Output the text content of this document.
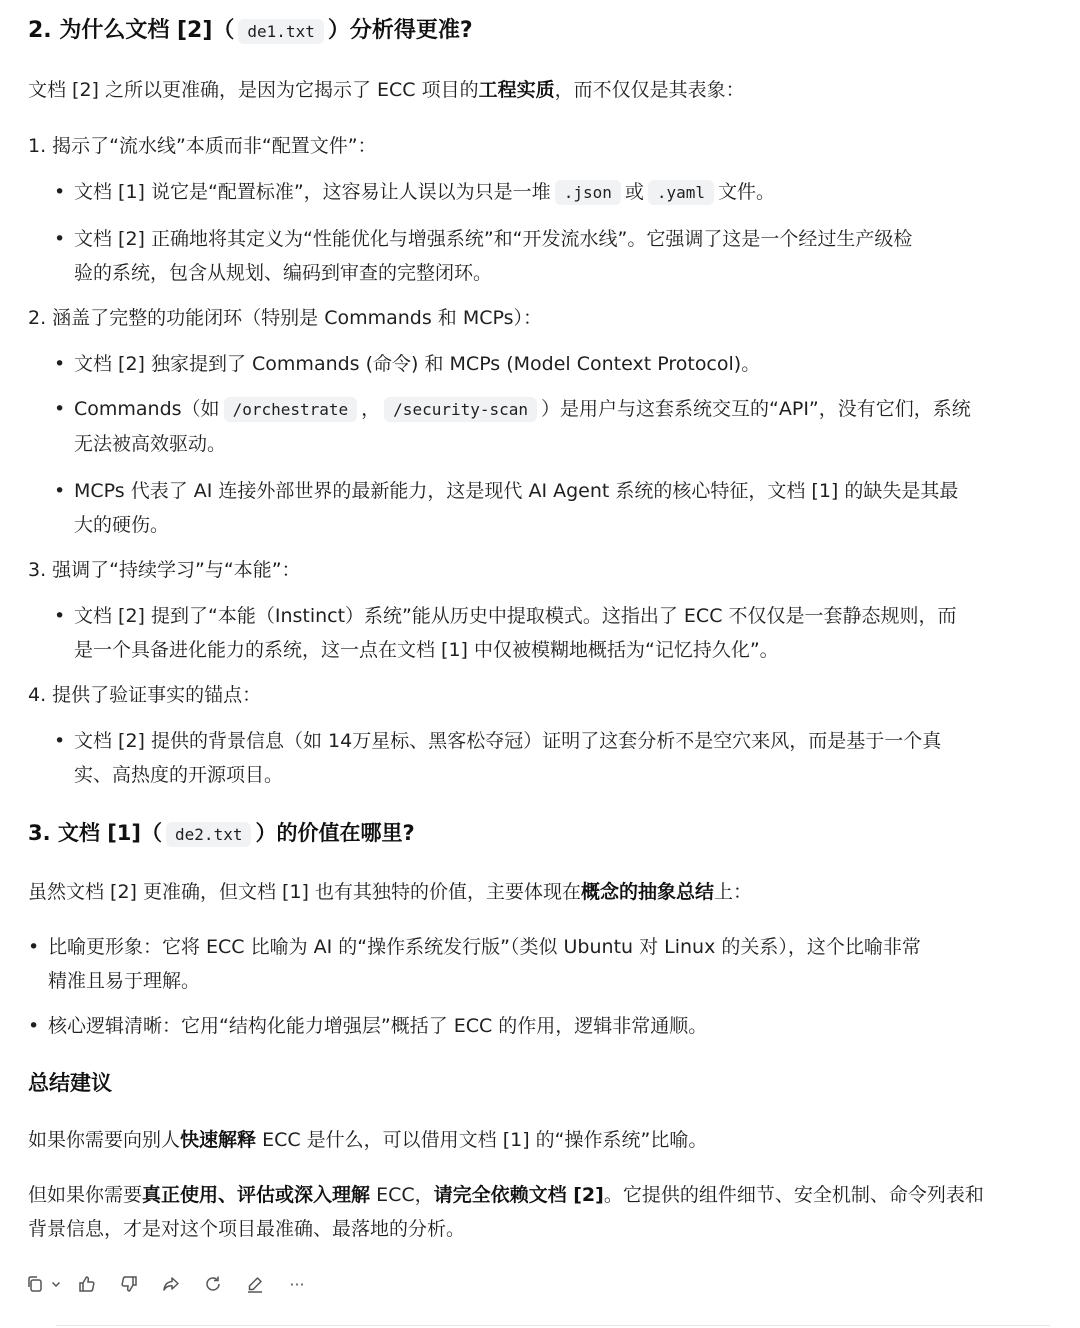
2. 为什么文档 [2]（ de1.txt ）分析得更准?
文档 [2] 之所以更准确，是因为它揭示了 ECC 项目的工程实质，而不仅仅是其表象：
1. 揭示了“流水线”本质而非“配置文件”：
• 文档 [1] 说它是“配置标准”，这容易让人误以为只是一堆 .json 或 .yaml 文件。
• 文档 [2] 正确地将其定义为“性能优化与增强系统”和“开发流水线”。它强调了这是一个经过生产级检
验的系统，包含从规划、编码到审查的完整闭环。
2. 涵盖了完整的功能闭环（特别是 Commands 和 MCPs）：
• 文档 [2] 独家提到了 Commands (命令) 和 MCPs (Model Context Protocol)。
• Commands（如 /orchestrate ， /security-scan ）是用户与这套系统交互的“API”，没有它们，系统
无法被高效驱动。
• MCPs 代表了 AI 连接外部世界的最新能力，这是现代 AI Agent 系统的核心特征，文档 [1] 的缺失是其最
大的硬伤。
3. 强调了“持续学习”与“本能”：
• 文档 [2] 提到了“本能（Instinct）系统”能从历史中提取模式。这指出了 ECC 不仅仅是一套静态规则，而
是一个具备进化能力的系统，这一点在文档 [1] 中仅被模糊地概括为“记忆持久化”。
4. 提供了验证事实的锚点：
• 文档 [2] 提供的背景信息（如 14万星标、黑客松夺冠）证明了这套分析不是空穴来风，而是基于一个真
实、高热度的开源项目。
3. 文档 [1]（ de2.txt ）的价值在哪里?
虽然文档 [2] 更准确，但文档 [1] 也有其独特的价值，主要体现在概念的抽象总结上：
• 比喻更形象：它将 ECC 比喻为 AI 的“操作系统发行版”（类似 Ubuntu 对 Linux 的关系），这个比喻非常
精准且易于理解。
• 核心逻辑清晰：它用“结构化能力增强层”概括了 ECC 的作用，逻辑非常通顺。
总结建议
如果你需要向别人快速解释 ECC 是什么，可以借用文档 [1] 的“操作系统”比喻。
但如果你需要真正使用、评估或深入理解 ECC，请完全依赖文档 [2]。它提供的组件细节、安全机制、命令列表和
背景信息，才是对这个项目最准确、最落地的分析。
···
